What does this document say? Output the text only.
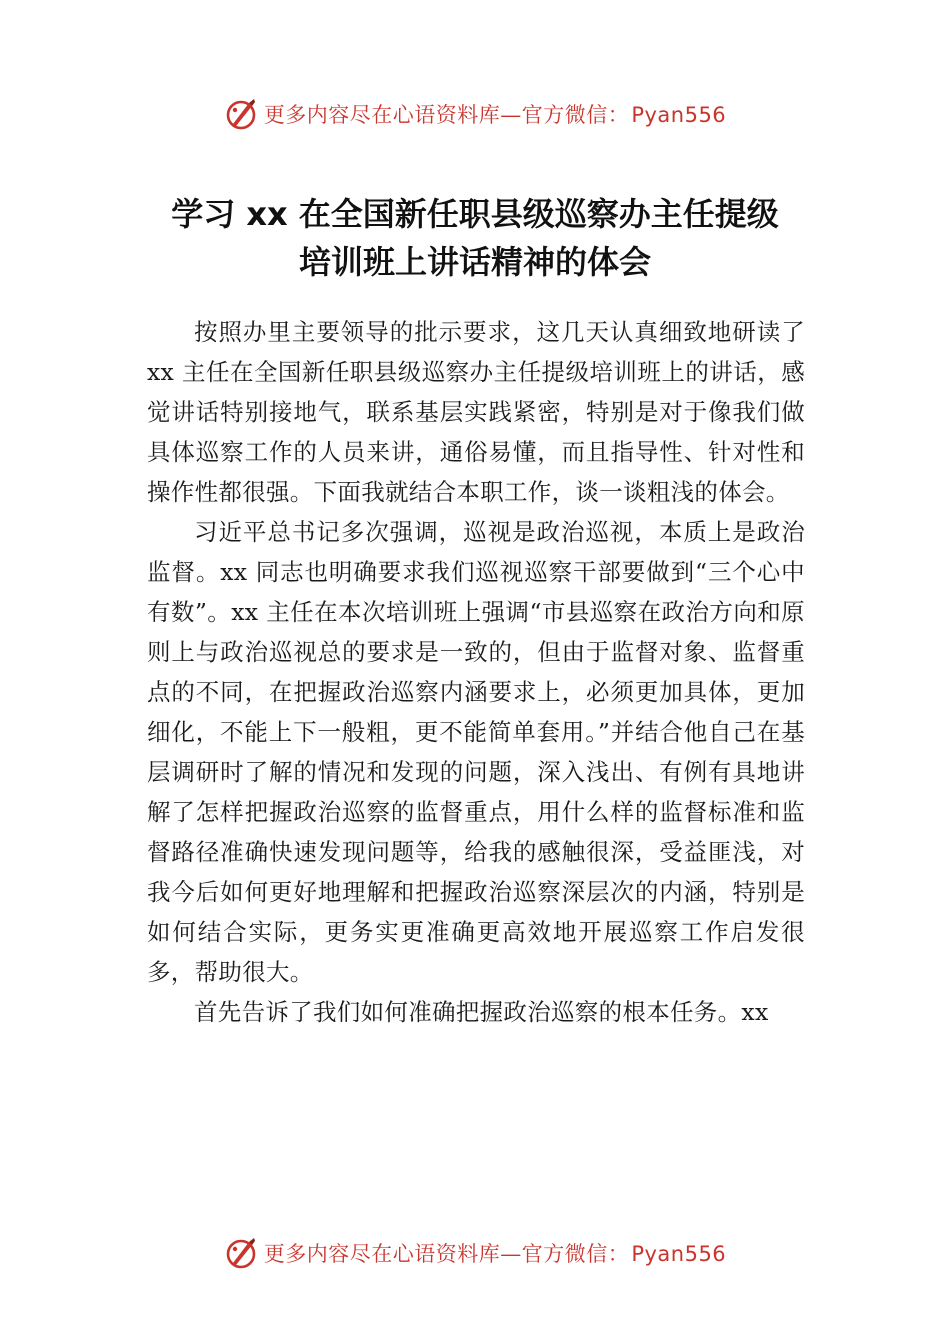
更多内容尽在心语资料库—官方微信：Pyan556
学习 xx 在全国新任职县级巡察办主任提级
培训班上讲话精神的体会

按照办里主要领导的批示要求，这几天认真细致地研读了 xx 主任在全国新任职县级巡察办主任提级培训班上的讲话，感觉讲话特别接地气，联系基层实践紧密，特别是对于像我们做具体巡察工作的人员来讲，通俗易懂，而且指导性、针对性和操作性都很强。下面我就结合本职工作，谈一谈粗浅的体会。

习近平总书记多次强调，巡视是政治巡视，本质上是政治监督。xx 同志也明确要求我们巡视巡察干部要做到“三个心中有数”。xx 主任在本次培训班上强调“市县巡察在政治方向和原则上与政治巡视总的要求是一致的，但由于监督对象、监督重点的不同，在把握政治巡察内涵要求上，必须更加具体，更加细化，不能上下一般粗，更不能简单套用。”并结合他自己在基层调研时了解的情况和发现的问题，深入浅出、有例有具地讲解了怎样把握政治巡察的监督重点，用什么样的监督标准和监督路径准确快速发现问题等，给我的感触很深，受益匪浅，对我今后如何更好地理解和把握政治巡察深层次的内涵，特别是如何结合实际，更务实更准确更高效地开展巡察工作启发很多，帮助很大。

首先告诉了我们如何准确把握政治巡察的根本任务。xx

更多内容尽在心语资料库—官方微信：Pyan556
